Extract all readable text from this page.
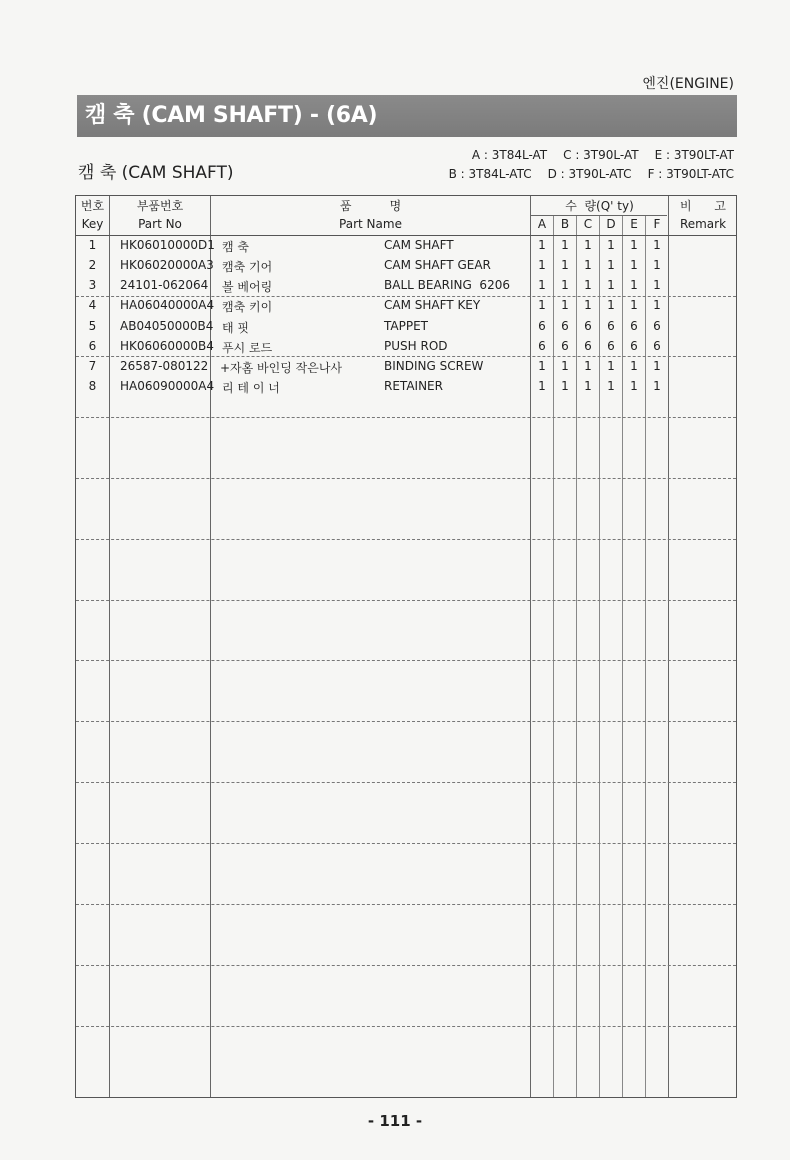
엔진(ENGINE)
캠 축 (CAM SHAFT) - (6A)
캠 축 (CAM SHAFT)
A : 3T84L-AT C : 3T90L-AT E : 3T90LT-AT
B : 3T84L-ATC D : 3T90L-ATC F : 3T90LT-ATC
번호
Key
부품번호
Part No
품          명
Part Name
수  량(Q' ty)
A	B	C	D	E	F
비      고
Remark
1	HK06010000D1 캠 축	CAM SHAFT	1	1	1	1	1	1
2	HK06020000A3 캠축 기어	CAM SHAFT GEAR	1	1	1	1	1	1
3	24101-062064 볼 베어링	BALL BEARING  6206	1	1	1	1	1	1
4	HA06040000A4 캠축 키이	CAM SHAFT KEY	1	1	1	1	1	1
5	AB04050000B4 태 핏	TAPPET	6	6	6	6	6	6
6	HK06060000B4 푸시 로드	PUSH ROD	6	6	6	6	6	6
7	26587-080122 +자홈 바인딩 작은나사	BINDING SCREW	1	1	1	1	1	1
8	HA06090000A4 리 테 이 너	RETAINER	1	1	1	1	1	1
- 111 -
